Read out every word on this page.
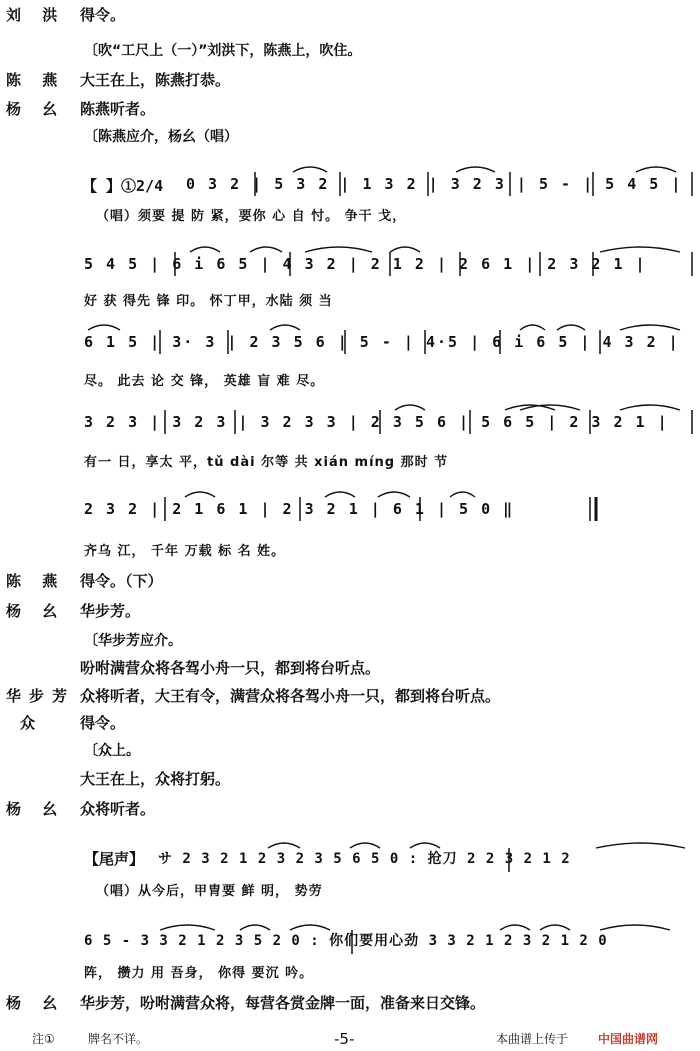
刘 洪 得令。
〔吹“工尺上（一）”刘洪下，陈燕上，吹住。
陈 燕 大王在上，陈燕打恭。
杨 幺 陈燕听者。
〔陈燕应介，杨幺（唱）
【 】①2/4 0 3 2 | 5 3 2 | 1 3 2 | 3 2 3 | 5 - | 5 4 5 |
（唱）须要 提 防 紧，要你 心 自 忖。 争干 戈，
5 4 5 | 6 i 6 5 | 4 3 2 | 2 1 2 | 2 6 1 | 2 3 2 1 |
好 获 得先 锋 印。 怀丁甲，水陆 须 当
6 1 5 | 3· 3 | 2 3 5 6 | 5 - | 4·5 | 6 i 6 5 | 4 3 2 |
尽。 此去 论 交 锋， 英雄 盲 难 尽。
3 2 3 | 3 2 3 | 3 2 3 3 | 2 3 5 6 | 5 6 5 | 2 3 2 1 |
有一 日，享太 平，tǔ dài 尔等 共 xián míng 那时 节
2 3 2 | 2 1 6 1 | 2 3 2 1 | 6 1 | 5 0 ‖
齐乌 江， 千年 万载 标 名 姓。
陈 燕 得令。（下）
杨 幺 华步芳。
〔华步芳应介。
吩咐满营众将各驾小舟一只，都到将台听点。
华步芳 众将听者，大王有令，满营众将各驾小舟一只，都到将台听点。
众 得令。
〔众上。
大王在上，众将打躬。
杨 幺 众将听者。
【尾声】 サ 2 3 2 1 2 3 2 3 5 6 5 0 : 抢刀 2 2 3 2 1 2
（唱）从今后，甲胄要 鲜 明， 势劳
6 5 - 3 3 2 1 2 3 5 2 0 : 你们要用心劲 3 3 2 1 2 3 2 1 2 0
阵， 攒力 用 吾身， 你得 要沉 吟。
杨 幺 华步芳，吩咐满营众将，每营各赏金牌一面，准备来日交锋。
注①	牌名不详。	-5-	本曲谱上传于 中国曲谱网
